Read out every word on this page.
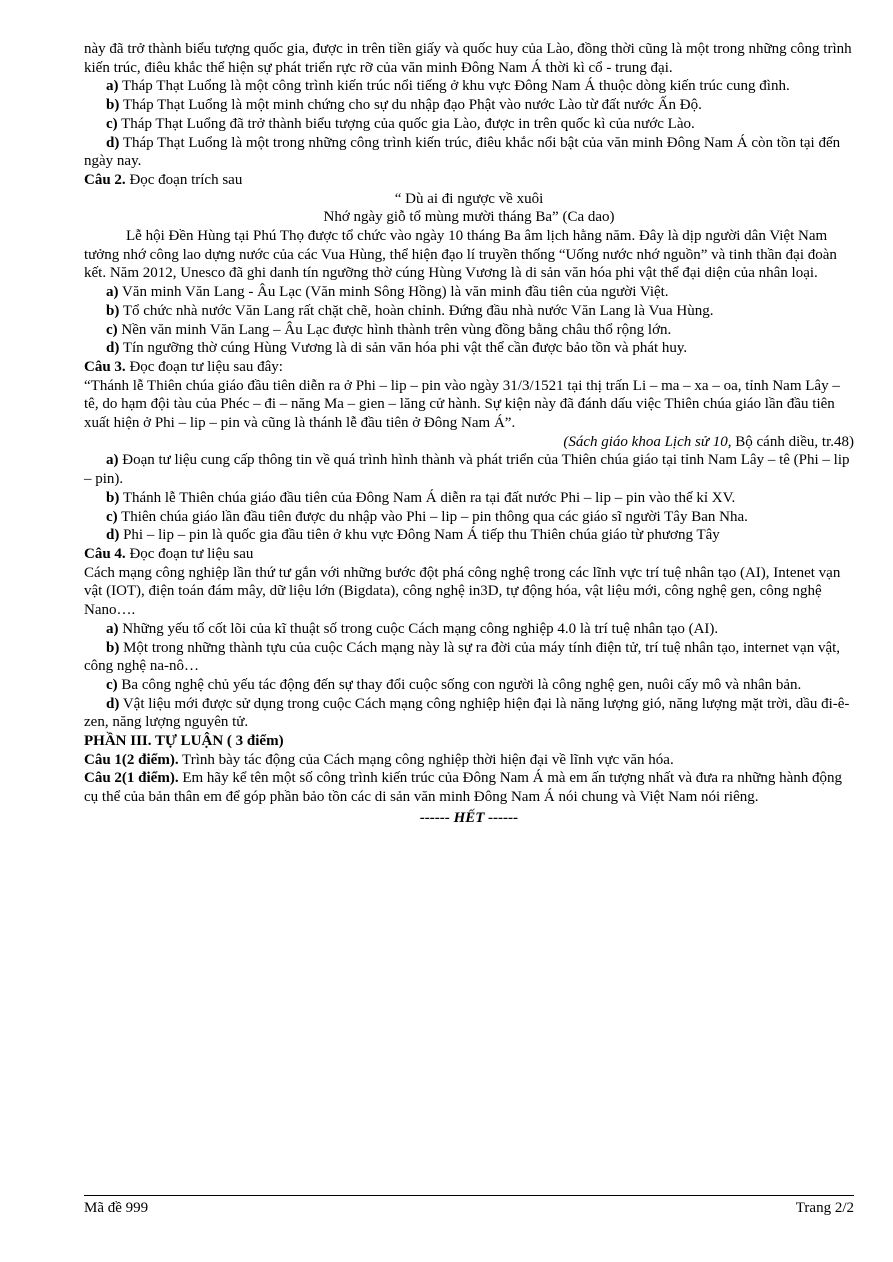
này đã trở thành biểu tượng quốc gia, được in trên tiền giấy và quốc huy của Lào, đồng thời cũng là một trong những công trình kiến trúc, điêu khắc thể hiện sự phát triển rực rỡ của văn minh Đông Nam Á thời kì cổ - trung đại.

a) Tháp Thạt Luổng là một công trình kiến trúc nổi tiếng ở khu vực Đông Nam Á thuộc dòng kiến trúc cung đình.

b) Tháp Thạt Luổng là một minh chứng cho sự du nhập đạo Phật vào nước Lào từ đất nước Ấn Độ.

c) Tháp Thạt Luổng đã trở thành biểu tượng của quốc gia Lào, được in trên quốc kì của nước Lào.

d) Tháp Thạt Luổng là một trong những công trình kiến trúc, điêu khắc nổi bật của văn minh Đông Nam Á còn tồn tại đến ngày nay.

Câu 2. Đọc đoạn trích sau

“ Dù ai đi ngược về xuôi

Nhớ ngày giỗ tổ mùng mười tháng Ba” (Ca dao)

Lễ hội Đền Hùng tại Phú Thọ được tổ chức vào ngày 10 tháng Ba âm lịch hằng năm. Đây là dịp người dân Việt Nam tưởng nhớ công lao dựng nước của các Vua Hùng, thể hiện đạo lí truyền thống “Uống nước nhớ nguồn” và tinh thần đại đoàn kết. Năm 2012, Unesco đã ghi danh tín ngưỡng thờ cúng Hùng Vương là di sản văn hóa phi vật thể đại diện của nhân loại.

a) Văn minh Văn Lang - Âu Lạc (Văn minh Sông Hồng) là văn minh đầu tiên của người Việt.

b) Tổ chức nhà nước Văn Lang rất chặt chẽ, hoàn chỉnh. Đứng đầu nhà nước Văn Lang là Vua Hùng.

c) Nền văn minh Văn Lang – Âu Lạc được hình thành trên vùng đồng bằng châu thổ rộng lớn.

d) Tín ngưỡng thờ cúng Hùng Vương là di sản văn hóa phi vật thể cần được bảo tồn và phát huy.

Câu 3. Đọc đoạn tư liệu sau đây:

“Thánh lễ Thiên chúa giáo đầu tiên diễn ra ở Phi – lip – pin vào ngày 31/3/1521 tại thị trấn Li – ma – xa – oa, tỉnh Nam Lây – tê, do hạm đội tàu của Phéc – đi – năng Ma – gien – lăng cử hành. Sự kiện này đã đánh dấu việc Thiên chúa giáo lần đầu tiên xuất hiện ở Phi – lip – pin và cũng là thánh lễ đầu tiên ở Đông Nam Á”.

(Sách giáo khoa Lịch sử 10, Bộ cánh diều, tr.48)

a) Đoạn tư liệu cung cấp thông tin về quá trình hình thành và phát triển của Thiên chúa giáo tại tỉnh Nam Lây – tê (Phi – lip – pin).

b) Thánh lễ Thiên chúa giáo đầu tiên của Đông Nam Á diễn ra tại đất nước Phi – lip – pin vào thế kỉ XV.

c) Thiên chúa giáo lần đầu tiên được du nhập vào Phi – lip – pin thông qua các giáo sĩ người Tây Ban Nha.

d) Phi – lip – pin là quốc gia đầu tiên ở khu vực Đông Nam Á tiếp thu Thiên chúa giáo từ phương Tây

Câu 4. Đọc đoạn tư liệu sau

Cách mạng công nghiệp lần thứ tư gắn với những bước đột phá công nghệ trong các lĩnh vực trí tuệ nhân tạo (AI), Intenet vạn vật (IOT), điện toán đám mây, dữ liệu lớn (Bigdata), công nghệ in3D, tự động hóa, vật liệu mới, công nghệ gen, công nghệ Nano….

a) Những yếu tố cốt lõi của kĩ thuật số trong cuộc Cách mạng công nghiệp 4.0 là trí tuệ nhân tạo (AI).

b) Một trong những thành tựu của cuộc Cách mạng này là sự ra đời của máy tính điện tử, trí tuệ nhân tạo, internet vạn vật, công nghệ na-nô…

c) Ba công nghệ chủ yếu tác động đến sự thay đổi cuộc sống con người là công nghệ gen, nuôi cấy mô và nhân bản.

d) Vật liệu mới được sử dụng trong cuộc Cách mạng công nghiệp hiện đại là năng lượng gió, năng lượng mặt trời, dầu đi-ê-zen, năng lượng nguyên tử.

PHẦN III. TỰ LUẬN ( 3 điểm)

Câu 1(2 điểm). Trình bày tác động của Cách mạng công nghiệp thời hiện đại về lĩnh vực văn hóa.

Câu 2(1 điểm). Em hãy kể tên một số công trình kiến trúc của Đông Nam Á mà em ấn tượng nhất và đưa ra những hành động cụ thể của bản thân em để góp phần bảo tồn các di sản văn minh Đông Nam Á nói chung và Việt Nam nói riêng.

------ HẾT ------

Mã đề 999	Trang 2/2
